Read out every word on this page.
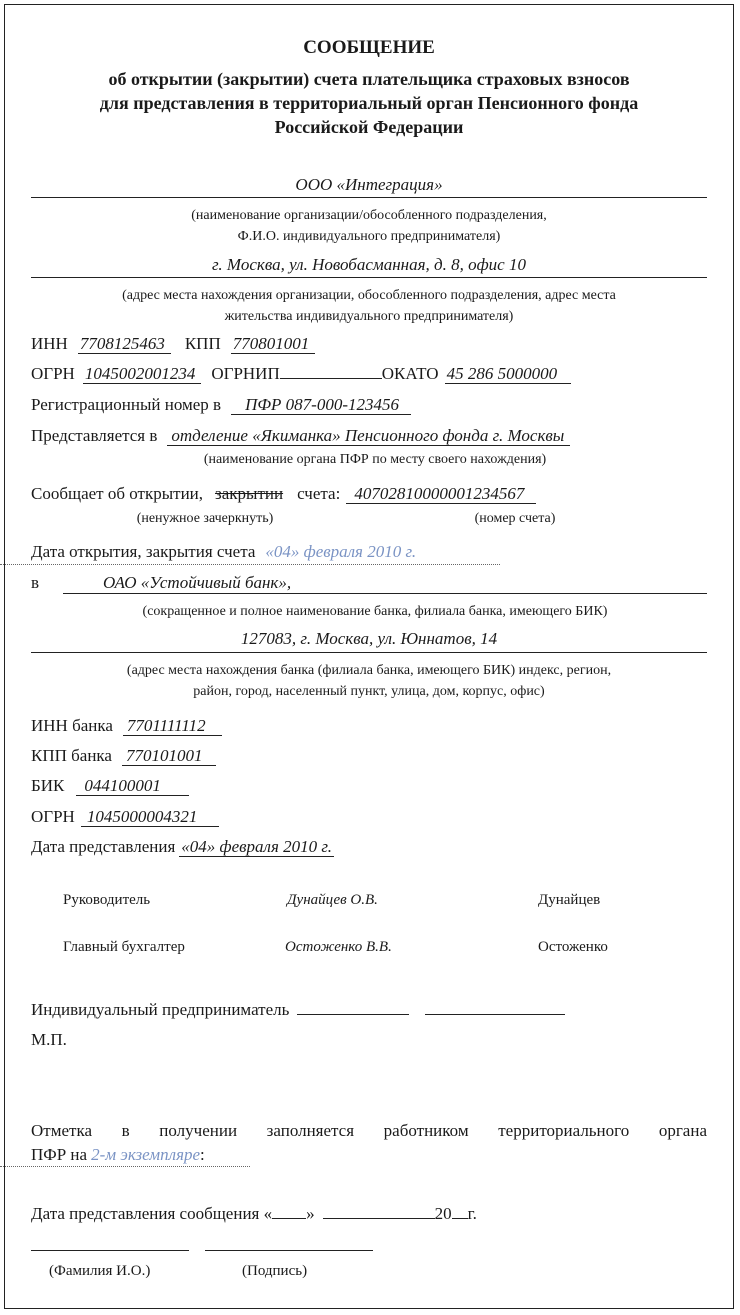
СООБЩЕНИЕ
об открытии (закрытии) счета плательщика страховых взносов
для представления в территориальный орган Пенсионного фонда
Российской Федерации
ООО «Интеграция»
(наименование организации/обособленного подразделения,
Ф.И.О. индивидуального предпринимателя)
г. Москва, ул. Новобасманная, д. 8, офис 10
(адрес места нахождения организации, обособленного подразделения, адрес места
жительства индивидуального предпринимателя)
ИНН 7708125463 КПП 770801001
ОГРН 1045002001234 ОГРНИП	ОКАТО 45 286 5000000
Регистрационный номер в ПФР 087-000-123456
Представляется в отделение «Якиманка» Пенсионного фонда г. Москвы
(наименование органа ПФР по месту своего нахождения)
Сообщает об открытии, закрытии счета: 40702810000001234567
(ненужное зачеркнуть)	(номер счета)
Дата открытия, закрытия счета «04» февраля 2010 г.
в	ОАО «Устойчивый банк»,
(сокращенное и полное наименование банка, филиала банка, имеющего БИК)
127083, г. Москва, ул. Юннатов, 14
(адрес места нахождения банка (филиала банка, имеющего БИК) индекс, регион,
район, город, населенный пункт, улица, дом, корпус, офис)
ИНН банка 7701111112
КПП банка 770101001
БИК 044100001
ОГРН 1045000004321
Дата представления «04» февраля 2010 г.
Руководитель	Дунайцев О.В.	Дунайцев
Главный бухгалтер	Остоженко В.В.	Остоженко
Индивидуальный предприниматель
М.П.
Отметка в получении заполняется работником территориального органа
ПФР на 2-м экземпляре:
Дата представления сообщения « »	20 г.

(Фамилия И.О.)	(Подпись)
